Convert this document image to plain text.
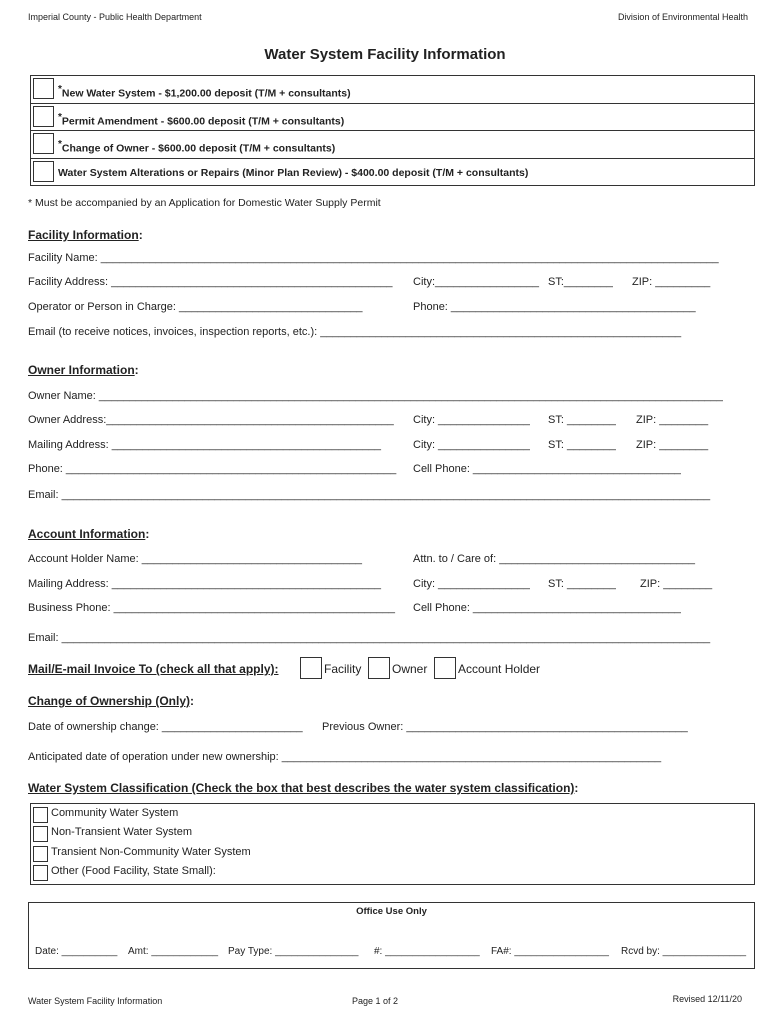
Imperial County - Public Health Department	Division of Environmental Health
Water System Facility Information
*New Water System - $1,200.00 deposit (T/M + consultants)
*Permit Amendment - $600.00 deposit (T/M + consultants)
*Change of Owner - $600.00 deposit (T/M + consultants)
Water System Alterations or Repairs (Minor Plan Review) - $400.00 deposit (T/M + consultants)
* Must be accompanied by an Application for Domestic Water Supply Permit
Facility Information:
Facility Name: _____________________________________________________________________________________________________
Facility Address: ______________________________________________ City:_________________ ST:________ ZIP: _________
Operator or Person in Charge: ______________________________	Phone: ________________________________________
Email (to receive notices, invoices, inspection reports, etc.): ___________________________________________________________
Owner Information:
Owner Name: ______________________________________________________________________________________________________
Owner Address:_______________________________________________ City: _______________ ST: ________ ZIP: ________
Mailing Address: ____________________________________________	City: _______________ ST: ________ ZIP: ________
Phone: ______________________________________________________ Cell Phone: __________________________________
Email: __________________________________________________________________________________________________________
Account Information:
Account Holder Name: ____________________________________	Attn. to / Care of: ________________________________
Mailing Address: ____________________________________________	City: _______________ ST: ________ ZIP: ________
Business Phone: ______________________________________________ Cell Phone: __________________________________
Email: __________________________________________________________________________________________________________
Mail/E-mail Invoice To (check all that apply):	Facility	Owner	Account Holder
Change of Ownership (Only):
Date of ownership change: _______________________ Previous Owner: ______________________________________________
Anticipated date of operation under new ownership: ______________________________________________________________
Water System Classification (Check the box that best describes the water system classification):
Community Water System
Non-Transient Water System
Transient Non-Community Water System
Other (Food Facility, State Small):
Office Use Only
Date: __________ Amt: ____________ Pay Type: _______________ #: _________________ FA#: _________________ Rcvd by: _______________
Water System Facility Information	Page 1 of 2	Revised 12/11/20
